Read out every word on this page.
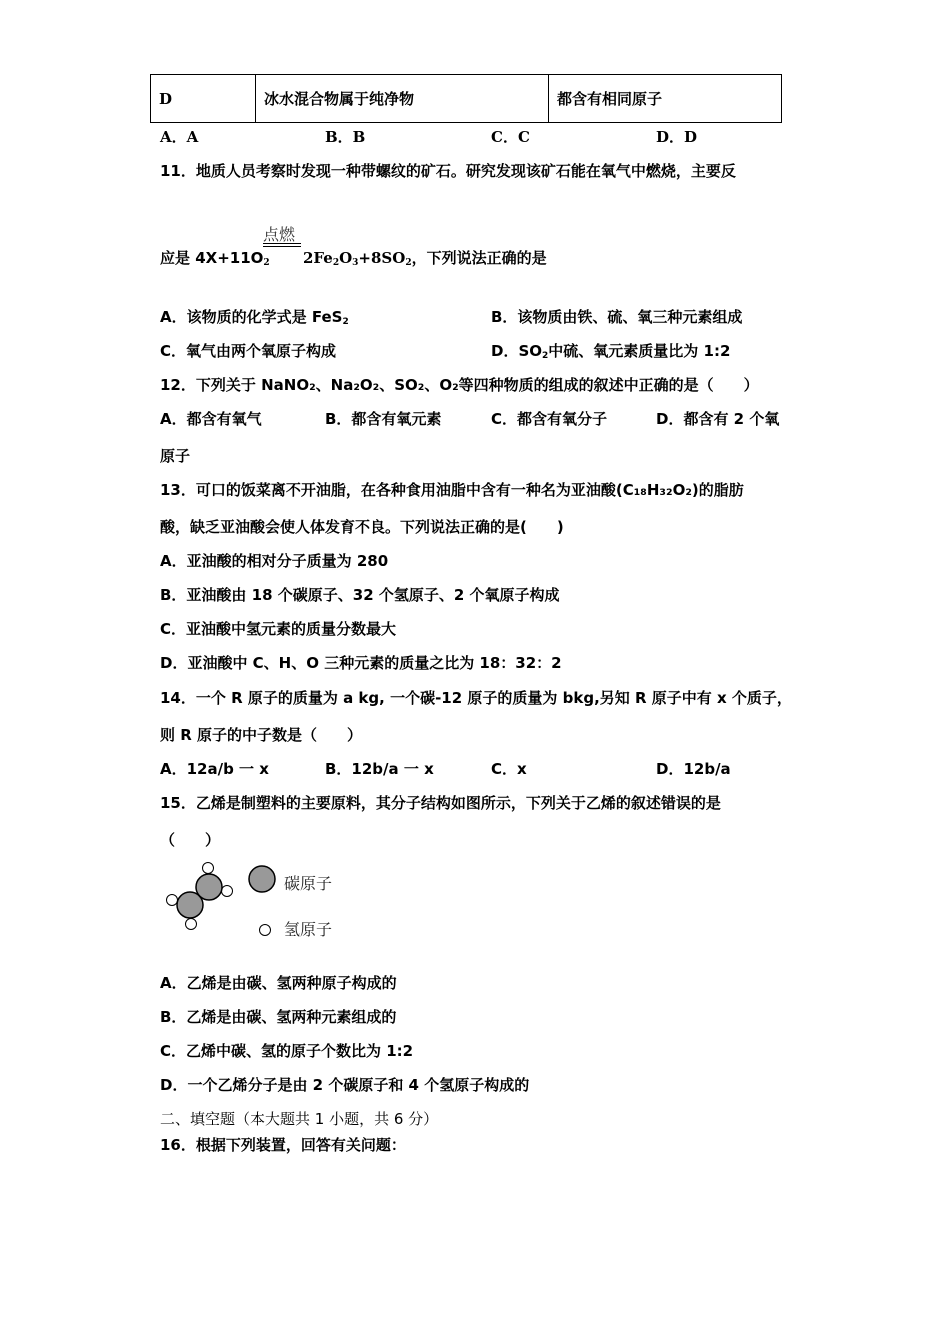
D	冰水混合物属于纯净物	都含有相同原子
A．A	B．B	C．C	D．D
11．地质人员考察时发现一种带螺纹的矿石。研究发现该矿石能在氧气中燃烧，主要反
点燃
应是 $4X+11O_2$ $2Fe_2O_3+8SO_2$，下列说法正确的是
A．该物质的化学式是 FeS$_2$	B．该物质由铁、硫、氧三种元素组成
C．氧气由两个氧原子构成	D．$SO_2$中硫、氧元素质量比为 1:2
12．下列关于 NaNO₂、Na₂O₂、SO₂、O₂等四种物质的组成的叙述中正确的是（　　）
A．都含有氧气	B．都含有氧元素	C．都含有氧分子	D．都含有 2 个氧
原子
13．可口的饭菜离不开油脂，在各种食用油脂中含有一种名为亚油酸(C₁₈H₃₂O₂)的脂肪
酸，缺乏亚油酸会使人体发育不良。下列说法正确的是(　　)
A．亚油酸的相对分子质量为 280
B．亚油酸由 18 个碳原子、32 个氢原子、2 个氧原子构成
C．亚油酸中氢元素的质量分数最大
D．亚油酸中 C、H、O 三种元素的质量之比为 18：32：2
14．一个 R 原子的质量为 a kg, 一个碳-12 原子的质量为 bkg,另知 R 原子中有 x 个质子，
则 R 原子的中子数是（　　）
A．12a/b 一 x	B．12b/a 一 x	C．x	D．12b/a
15．乙烯是制塑料的主要原料，其分子结构如图所示，下列关于乙烯的叙述错误的是
（　　）
碳原子
氢原子
A．乙烯是由碳、氢两种原子构成的
B．乙烯是由碳、氢两种元素组成的
C．乙烯中碳、氢的原子个数比为 1:2
D．一个乙烯分子是由 2 个碳原子和 4 个氢原子构成的
二、填空题（本大题共 1 小题，共 6 分）
16．根据下列装置，回答有关问题：
